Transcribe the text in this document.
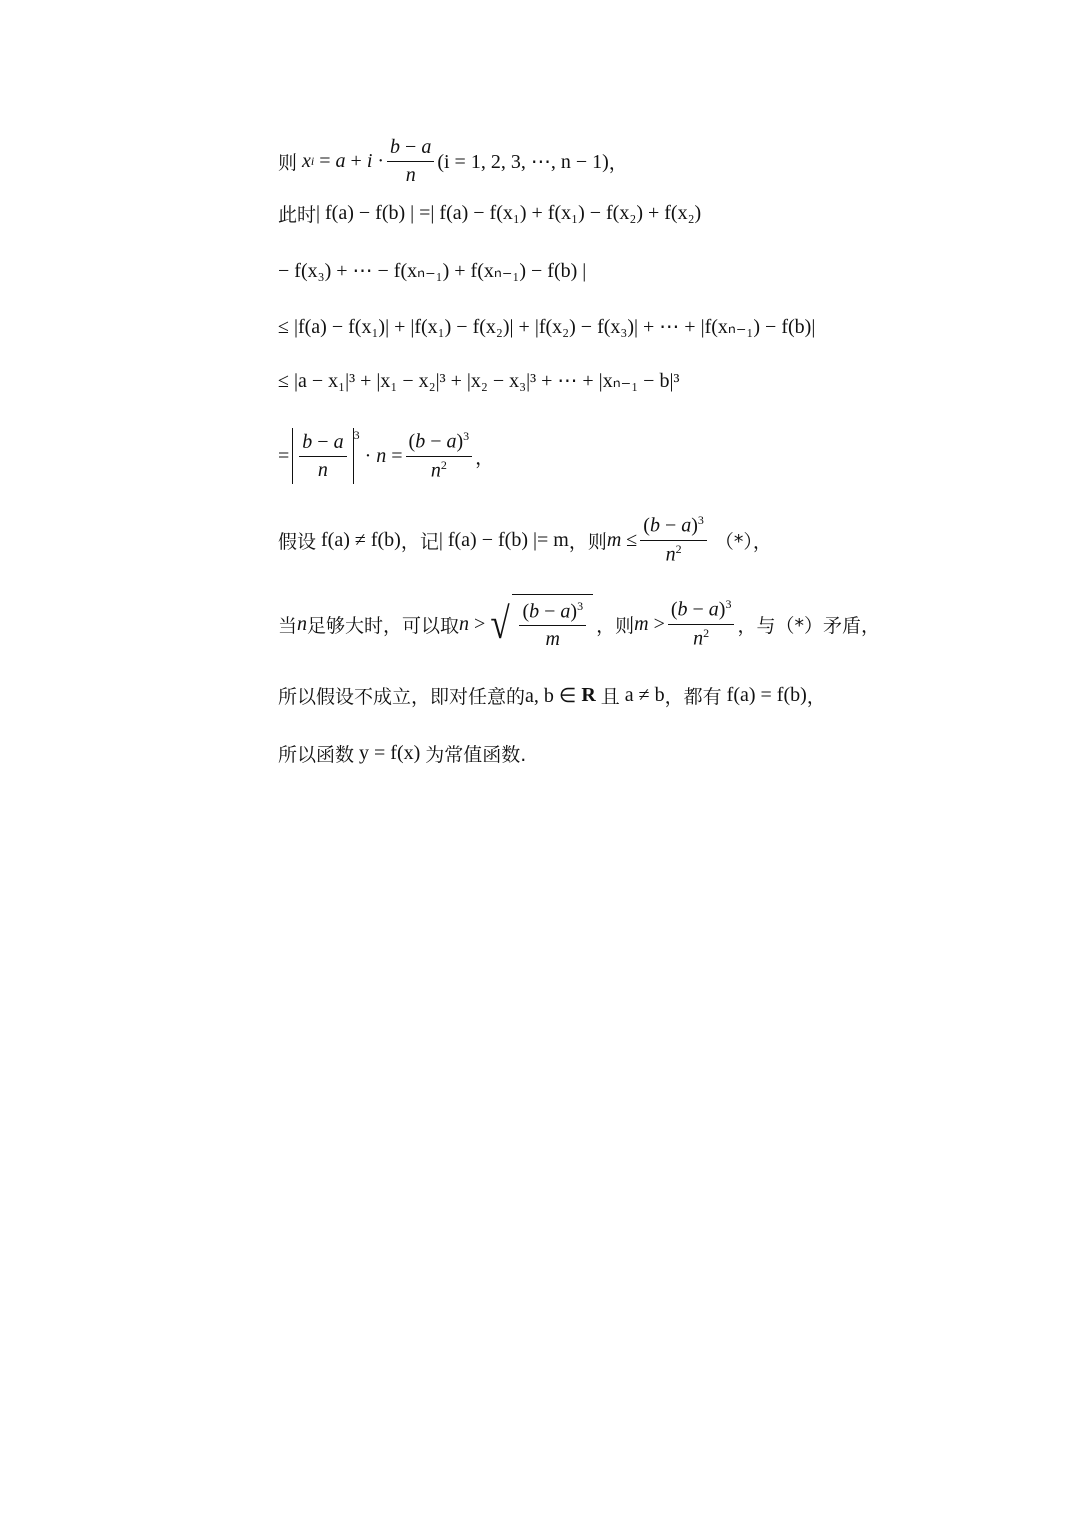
则
x $i = a + i \cdot \frac{b - a}{n} (i = 1$, 2, 3, ⋯, n − 1) ，
此时 | f(a) − f(b) | =| f(a) − f(x₁) + f(x₁) − f(x₂) + f(x₂)
− f(x₃) + ⋯ − f(xₙ₋₁) + f(xₙ₋₁) − f(b) |
≤ |f(a) − f(x₁)| + |f(x₁) − f(x₂)| + |f(x₂) − f(x₃)| + ⋯ + |f(xₙ₋₁) − f(b)|
≤ |a − x₁|³ + |x₁ − x₂|³ + |x₂ − x₃|³ + ⋯ + |xₙ₋₁ − b|³
= $\frac{b - a}{n} ^3$
· $n = \frac{(b - a)^3}{n^2}$ ，
假设
f(a) ≠ f(b) ，记 | f(a) − f(b) |= m ，则 $m \le \frac{(b - a)^3}{n^2}$
（*），
当 n 足够大时，可以取 n > √ $\frac{(b - a)^3}{m}$ ，则 $m > \frac{(b - a)^3}{n^2}$ ，与（*）矛盾，
所以假设不成立，即对任意的 a, b ∈
R
且
a ≠ b ，都有
f(a) = f(b) ，
所以函数
y = f(x)
为常值函数.
